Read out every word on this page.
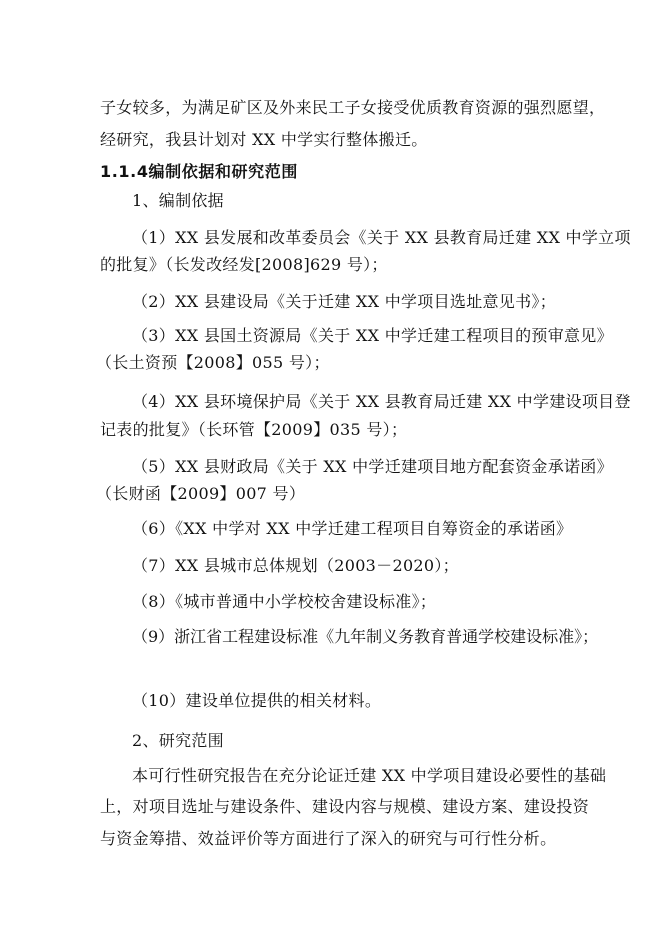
子女较多，为满足矿区及外来民工子女接受优质教育资源的强烈愿望，
经研究，我县计划对 XX 中学实行整体搬迁。
1.1.4编制依据和研究范围
1、编制依据
（1）XX 县发展和改革委员会《关于 XX 县教育局迁建 XX 中学立项
的批复》（长发改经发[2008]629 号）；
（2）XX 县建设局《关于迁建 XX 中学项目选址意见书》；
（3）XX 县国土资源局《关于 XX 中学迁建工程项目的预审意见》
（长土资预【2008】055 号）；
（4）XX 县环境保护局《关于 XX 县教育局迁建 XX 中学建设项目登
记表的批复》（长环管【2009】035 号）；
（5）XX 县财政局《关于 XX 中学迁建项目地方配套资金承诺函》
（长财函【2009】007 号）
（6）《XX 中学对 XX 中学迁建工程项目自筹资金的承诺函》
（7）XX 县城市总体规划（2003－2020）；
（8）《城市普通中小学校校舍建设标准》；
（9）浙江省工程建设标准《九年制义务教育普通学校建设标准》；
（10）建设单位提供的相关材料。
2、研究范围
本可行性研究报告在充分论证迁建 XX 中学项目建设必要性的基础
上，对项目选址与建设条件、建设内容与规模、建设方案、建设投资
与资金筹措、效益评价等方面进行了深入的研究与可行性分析。
